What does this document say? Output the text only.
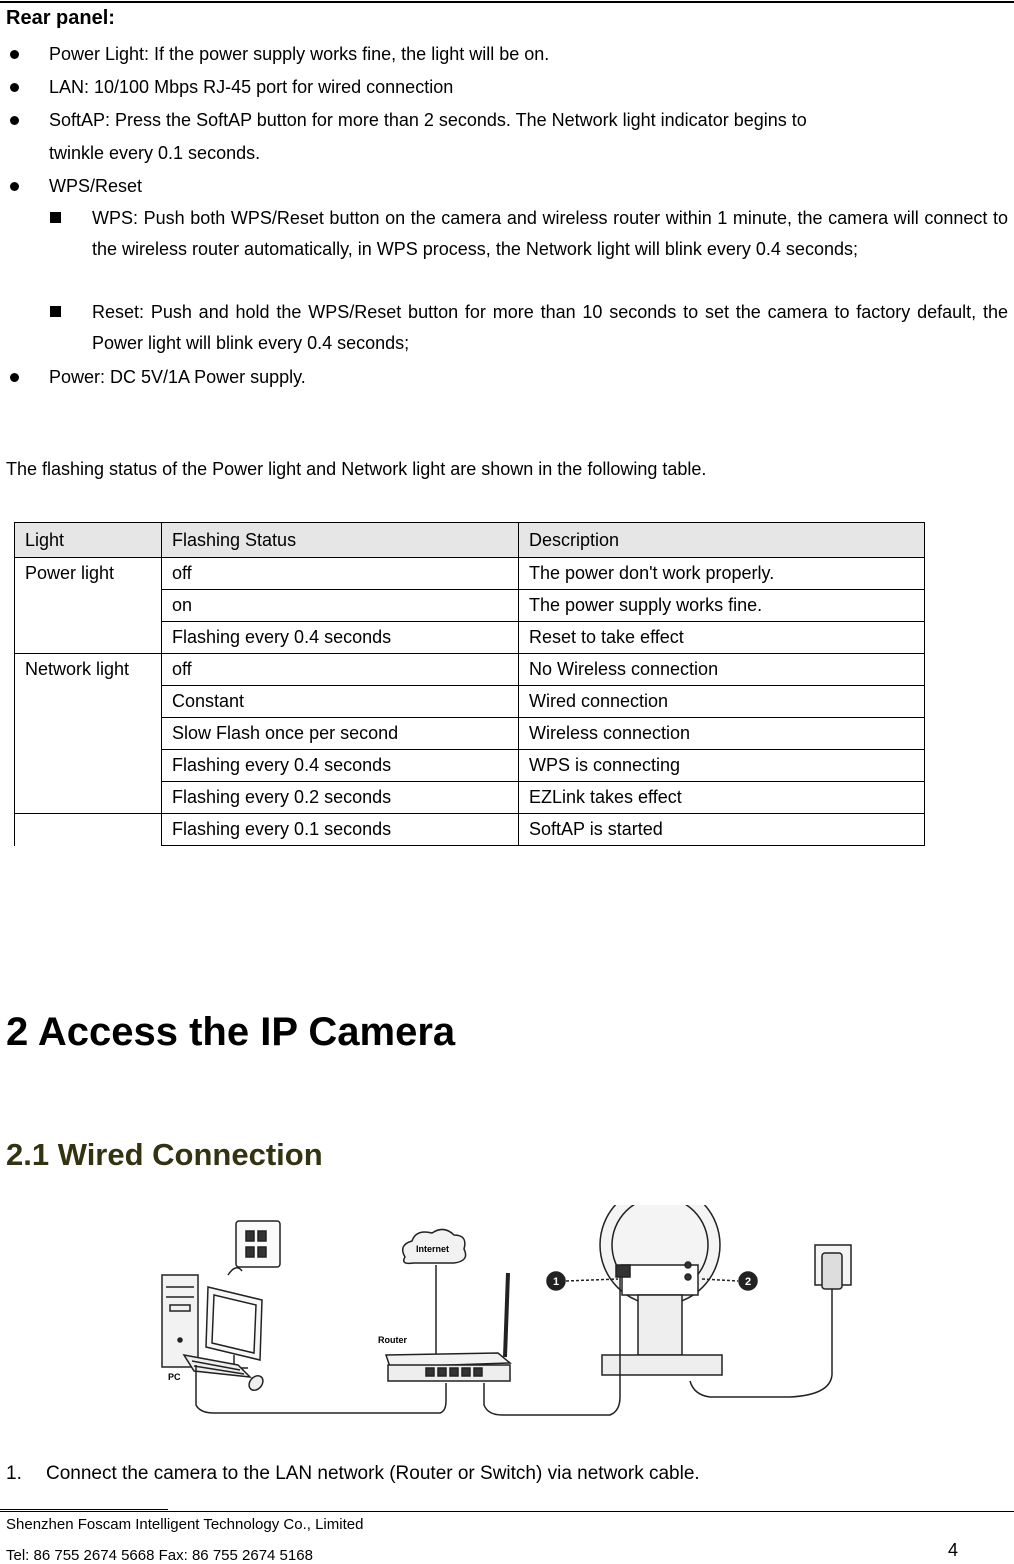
Rear panel:
Power Light: If the power supply works fine, the light will be on.
LAN: 10/100 Mbps RJ-45 port for wired connection
SoftAP: Press the SoftAP button for more than 2 seconds. The Network light indicator begins to
twinkle every 0.1 seconds.
WPS/Reset
WPS: Push both WPS/Reset button on the camera and wireless router within 1 minute, the camera will connect to the wireless router automatically, in WPS process, the Network light will blink every 0.4 seconds;
Reset: Push and hold the WPS/Reset button for more than 10 seconds to set the camera to factory default, the Power light will blink every 0.4 seconds;
Power: DC 5V/1A Power supply.
The flashing status of the Power light and Network light are shown in the following table.
Light	Flashing Status	Description
Power light	off	The power don't work properly.
	on	The power supply works fine.
	Flashing every 0.4 seconds	Reset to take effect
Network light	off	No Wireless connection
	Constant	Wired connection
	Slow Flash once per second	Wireless connection
	Flashing every 0.4 seconds	WPS is connecting
	Flashing every 0.2 seconds	EZLink takes effect
	Flashing every 0.1 seconds	SoftAP is started
2 Access the IP Camera
2.1 Wired Connection
Internet
Router
PC
1	2
1. Connect the camera to the LAN network (Router or Switch) via network cable.
Shenzhen Foscam Intelligent Technology Co., Limited
Tel: 86 755 2674 5668 Fax: 86 755 2674 5168	4
